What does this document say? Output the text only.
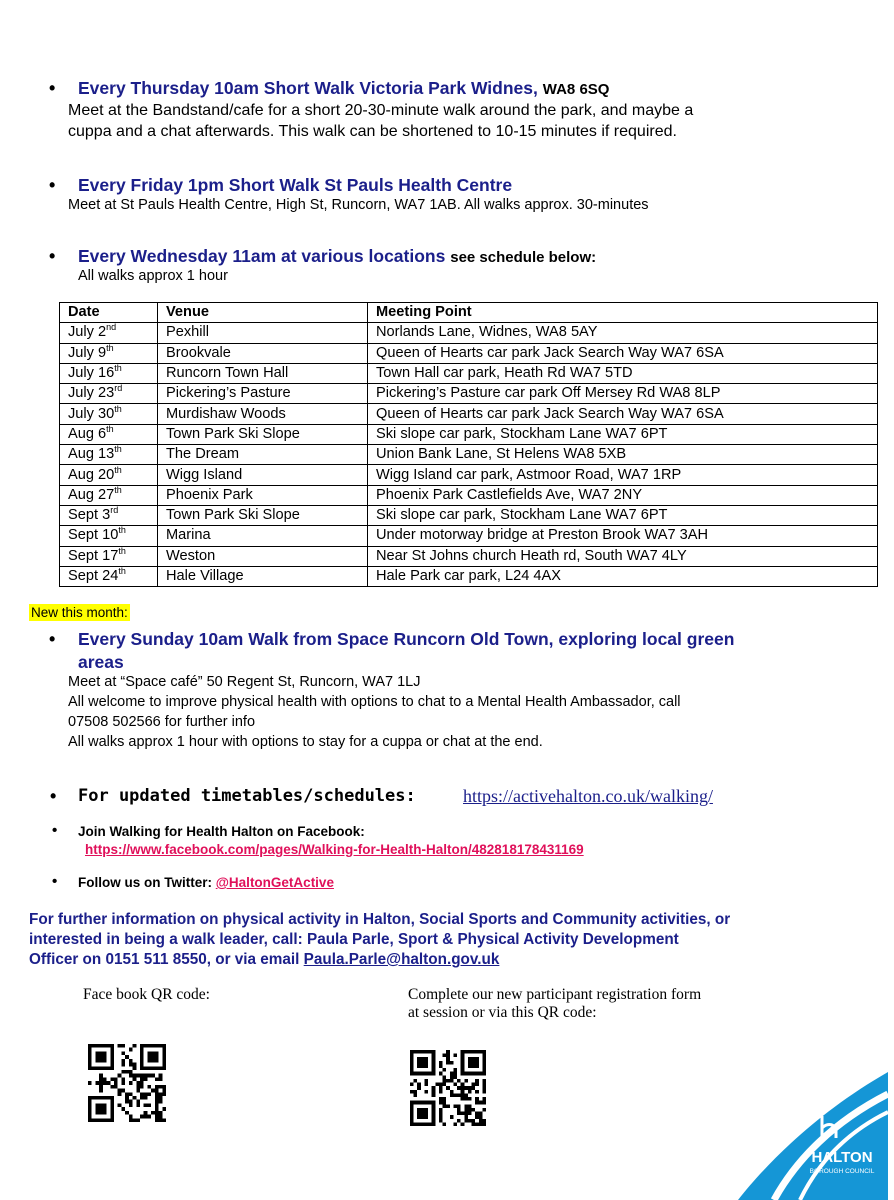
• Every Thursday 10am Short Walk Victoria Park Widnes, WA8 6SQ
Meet at the Bandstand/cafe for a short 20-30-minute walk around the park, and maybe a
cuppa and a chat afterwards. This walk can be shortened to 10-15 minutes if required.
• Every Friday 1pm Short Walk St Pauls Health Centre
Meet at St Pauls Health Centre, High St, Runcorn, WA7 1AB. All walks approx. 30-minutes
• Every Wednesday 11am at various locations see schedule below:
All walks approx 1 hour
Date	Venue	Meeting Point
July 2nd	Pexhill	Norlands Lane, Widnes, WA8 5AY
July 9th	Brookvale	Queen of Hearts car park Jack Search Way WA7 6SA
July 16th	Runcorn Town Hall	Town Hall car park, Heath Rd WA7 5TD
July 23rd	Pickering’s Pasture	Pickering’s Pasture car park Off Mersey Rd WA8 8LP
July 30th	Murdishaw Woods	Queen of Hearts car park Jack Search Way WA7 6SA
Aug 6th	Town Park Ski Slope	Ski slope car park, Stockham Lane WA7 6PT
Aug 13th	The Dream	Union Bank Lane, St Helens WA8 5XB
Aug 20th	Wigg Island	Wigg Island car park, Astmoor Road, WA7 1RP
Aug 27th	Phoenix Park	Phoenix Park Castlefields Ave, WA7 2NY
Sept 3rd	Town Park Ski Slope	Ski slope car park, Stockham Lane WA7 6PT
Sept 10th	Marina	Under motorway bridge at Preston Brook WA7 3AH
Sept 17th	Weston	Near St Johns church Heath rd, South WA7 4LY
Sept 24th	Hale Village	Hale Park car park, L24 4AX
New this month:
• Every Sunday 10am Walk from Space Runcorn Old Town, exploring local green
areas
Meet at “Space café” 50 Regent St, Runcorn, WA7 1LJ
All welcome to improve physical health with options to chat to a Mental Health Ambassador, call
07508 502566 for further info
All walks approx 1 hour with options to stay for a cuppa or chat at the end.
• For updated timetables/schedules:	https://activehalton.co.uk/walking/
• Join Walking for Health Halton on Facebook:
https://www.facebook.com/pages/Walking-for-Health-Halton/482818178431169
• Follow us on Twitter: @HaltonGetActive
For further information on physical activity in Halton, Social Sports and Community activities, or
interested in being a walk leader, call: Paula Parle, Sport & Physical Activity Development
Officer on 0151 511 8550, or via email Paula.Parle@halton.gov.uk
Face book QR code:	Complete our new participant registration form
at session or via this QR code:
HALTON
BOROUGH COUNCIL
